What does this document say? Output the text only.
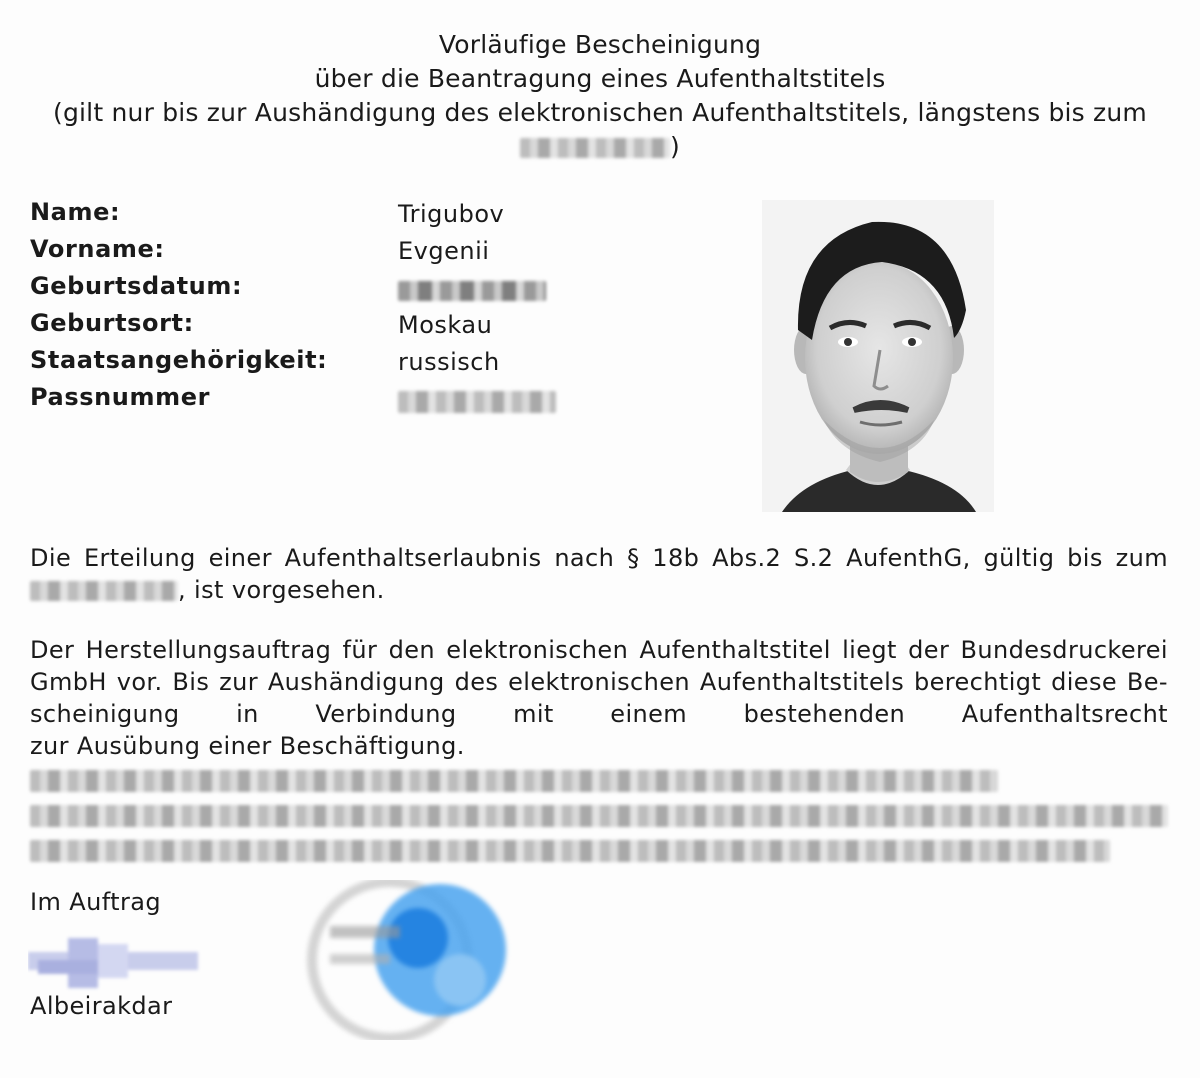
Vorläufige Bescheinigung
über die Beantragung eines Aufenthaltstitels
(gilt nur bis zur Aushändigung des elektronischen Aufenthaltstitels, längstens bis zum
)
Name:	Trigubov
Vorname:	Evgenii
Geburtsdatum:
Geburtsort:	Moskau
Staatsangehörigkeit:	russisch
Passnummer

Die Erteilung einer Aufenthaltserlaubnis nach § 18b Abs.2 S.2 AufenthG, gültig bis zum

, ist vorgesehen.

Der Herstellungsauftrag für den elektronischen Aufenthaltstitel liegt der Bundesdruckerei

GmbH vor. Bis zur Aushändigung des elektronischen Aufenthaltstitels berechtigt diese Be-

scheinigung in Verbindung mit einem bestehenden Aufenthaltsrecht

zur Ausübung einer Beschäftigung.

Im Auftrag
Albeirakdar
